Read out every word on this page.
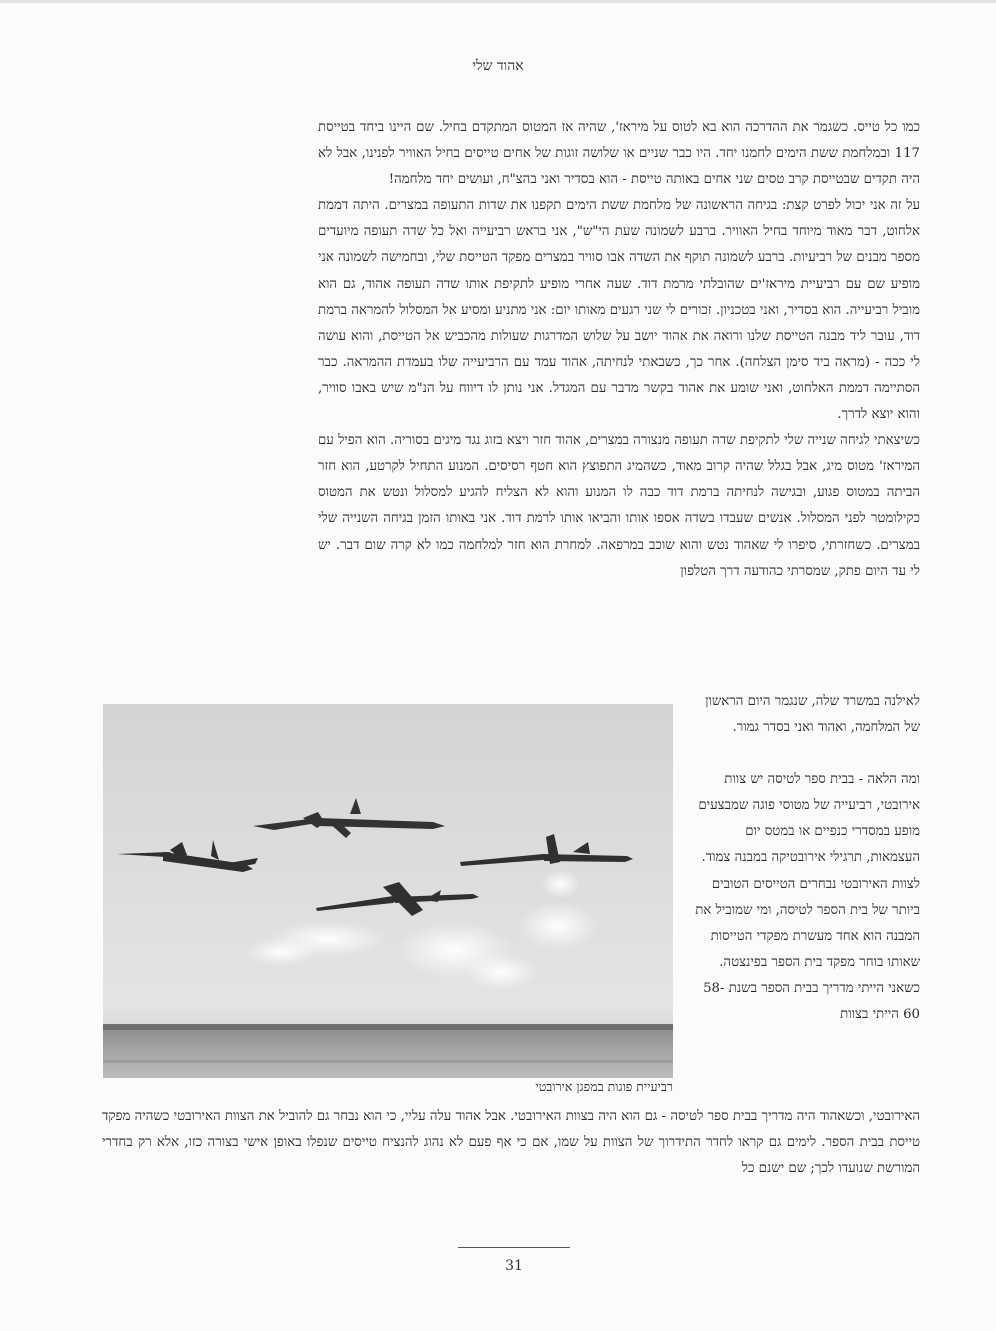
אהוד שלי

כמו כל טייס. כשגמר את ההדרכה הוא בא לטוס על מיראז', שהיה אז המטוס המתקדם בחיל. שם היינו ביחד בטייסת 117 ובמלחמת ששת הימים לחמנו יחד. היו כבר שניים או שלושה זוגות של אחים טייסים בחיל האוויר לפנינו, אבל לא היה תקדים שבטייסת קרב טסים שני אחים באותה טייסת - הוא בסדיר ואני בהצ"ח, ועושים יחד מלחמה!

על זה אני יכול לפרט קצת: בגיחה הראשונה של מלחמת ששת הימים תקפנו את שדות התעופה במצרים. היתה דממת אלחוט, דבר מאוד מיוחד בחיל האוויר. ברבע לשמונה שעת הי"ש", אני בראש רביעייה ואל כל שדה תעופה מיועדים מספר מבנים של רביעיות. ברבע לשמונה תוקף את השדה אבו סוויר במצרים מפקד הטייסת שלי, ובחמישה לשמונה אני מופיע שם עם רביעיית מיראז'ים שהובלתי מרמת דוד. שעה אחרי מופיע לתקיפת אותו שדה תעופה אהוד, גם הוא מוביל רביעייה. הוא בסדיר, ואני בטכניון. זכורים לי שני רגעים מאותו יום: אני מתניע ומסיע אל המסלול להמראה ברמת דוד, עובר ליד מבנה הטייסת שלנו ורואה את אהוד יושב על שלוש המדרגות שעולות מהכביש אל הטייסת, והוא עושה לי ככה - (מראה ביד סימן הצלחה). אחר כך, כשבאתי לנחיתה, אהוד עמד עם הרביעייה שלו בעמדת ההמראה. כבר הסתיימה דממת האלחוט, ואני שומע את אהוד בקשר מדבר עם המגדל. אני נותן לו דיווח על הנ"מ שיש באבו סוויר, והוא יוצא לדרך.

כשיצאתי לגיחה שנייה שלי לתקיפת שדה תעופה מנצורה במצרים, אהוד חזר ויצא בזוג נגד מיגים בסוריה. הוא הפיל עם המיראז' מטוס מיג, אבל בגלל שהיה קרוב מאוד, כשהמיג התפוצץ הוא חטף רסיסים. המנוע התחיל לקרטע, הוא חזר הביתה במטוס פגוע, ובגישה לנחיתה ברמת דוד כבה לו המנוע והוא לא הצליח להגיע למסלול ונטש את המטוס כקילומטר לפני המסלול. אנשים שעבדו בשדה אספו אותו והביאו אותו לרמת דוד. אני באותו הזמן בגיחה השנייה שלי במצרים. כשחזרתי, סיפרו לי שאהוד נטש והוא שוכב במרפאה. למחרת הוא חזר למלחמה כמו לא קרה שום דבר. יש לי עד היום פתק, שמסרתי כהודעה דרך הטלפון

רביעיית פוגות במפגן אירובטי

לאילנה במשרד שלה, שנגמר היום הראשון של המלחמה, ואהוד ואני בסדר גמור.

ומה הלאה - בבית ספר לטיסה יש צוות אירובטי, רביעייה של מטוסי פוגה שמבצעים מופע במסדרי כנפיים או במטס יום העצמאות, תרגילי אירובטיקה במבנה צמוד. לצוות האירובטי נבחרים הטייסים הטובים ביותר של בית הספר לטיסה, ומי שמוביל את המבנה הוא אחד מעשרת מפקדי הטייסות שאותו בוחר מפקד בית הספר בפינצטה. כשאני הייתי מדריך בבית הספר בשנת 58-60 הייתי בצוות

האירובטי, וכשאהוד היה מדריך בבית ספר לטיסה - גם הוא היה בצוות האירובטי. אבל אהוד עלה עליי, כי הוא נבחר גם להוביל את הצוות האירובטי כשהיה מפקד טייסת בבית הספר. לימים גם קראו לחדר התידרוך של הצוות על שמו, אם כי אף פעם לא נהוג להנציח טייסים שנפלו באופן אישי בצורה כזו, אלא רק בחדרי המורשת שנועדו לכך; שם ישנם כל

31
